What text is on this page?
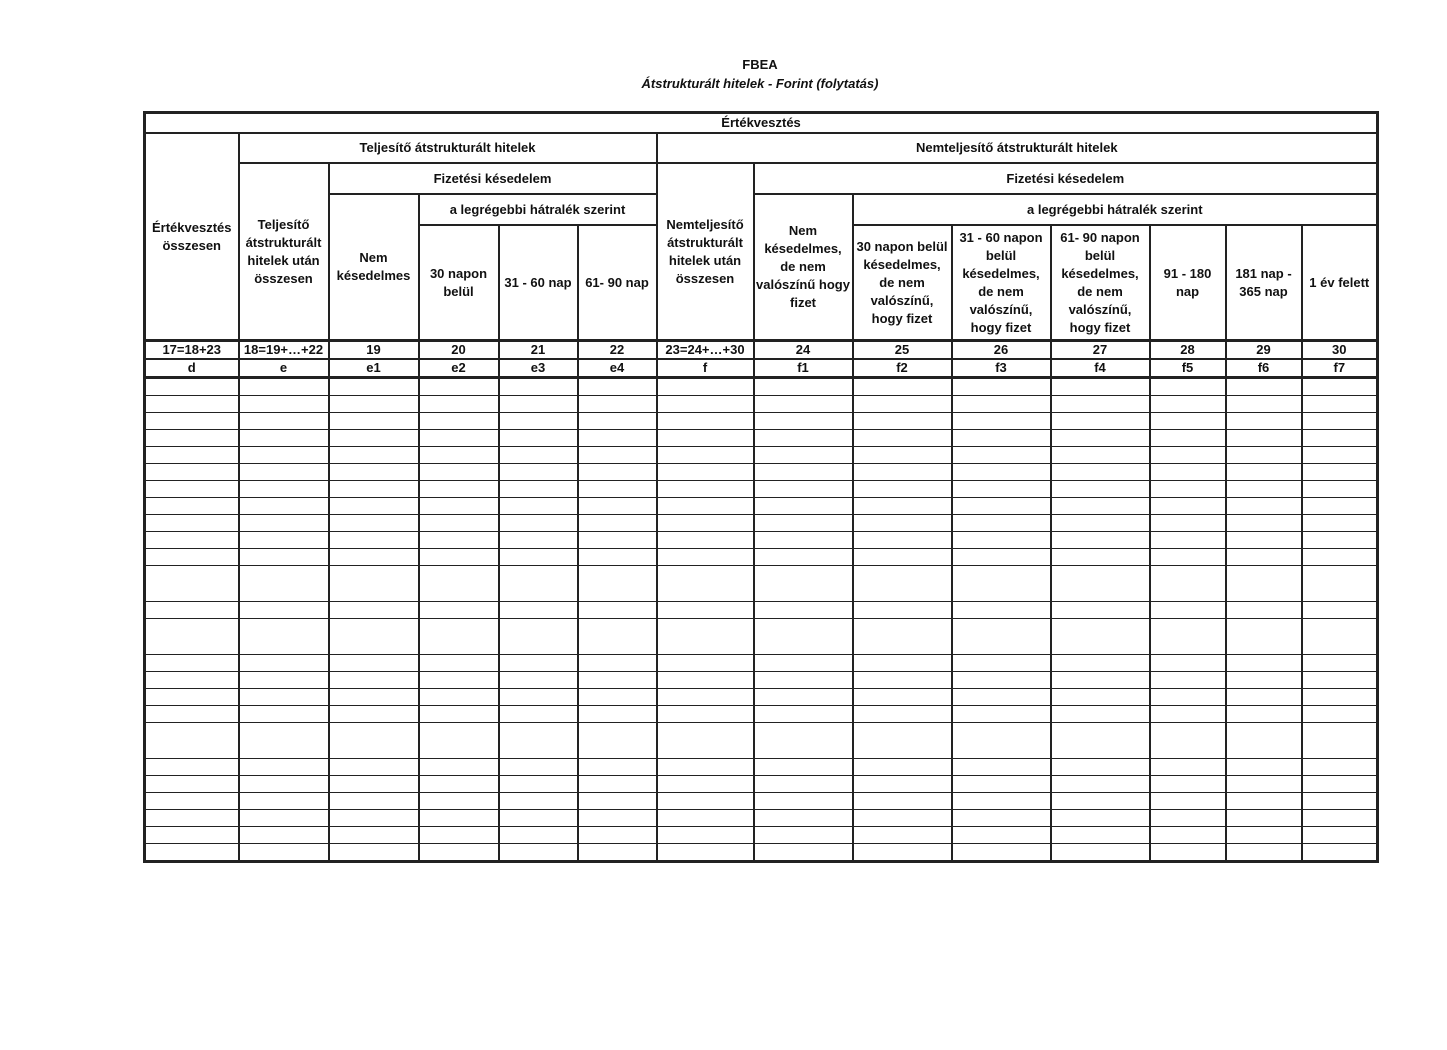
FBEA
Átstrukturált hitelek - Forint (folytatás)
Értékvesztés													
Értékvesztés összesen	Teljesítő átstrukturált hitelek					Nemteljesítő átstrukturált hitelek							
	Teljesítő átstrukturált hitelek után összesen	Fizetési késedelem				Nemteljesítő átstrukturált hitelek után összesen	Fizetési késedelem						
		Nem késedelmes	a legrégebbi hátralék szerint				Nem késedelmes, de nem valószínű hogy fizet	a legrégebbi hátralék szerint					
			30 napon belül	31 - 60 nap	61- 90 nap			30 napon belül késedelmes, de nem valószínű, hogy fizet	31 - 60 napon belül késedelmes, de nem valószínű, hogy fizet	61- 90 napon belül késedelmes, de nem valószínű, hogy fizet	91 - 180 nap	181 nap - 365 nap	1 év felett
17=18+23	18=19+…+22	19	20	21	22	23=24+…+30	24	25	26	27	28	29	30
d	e	e1	e2	e3	e4	f	f1	f2	f3	f4	f5	f6	f7
